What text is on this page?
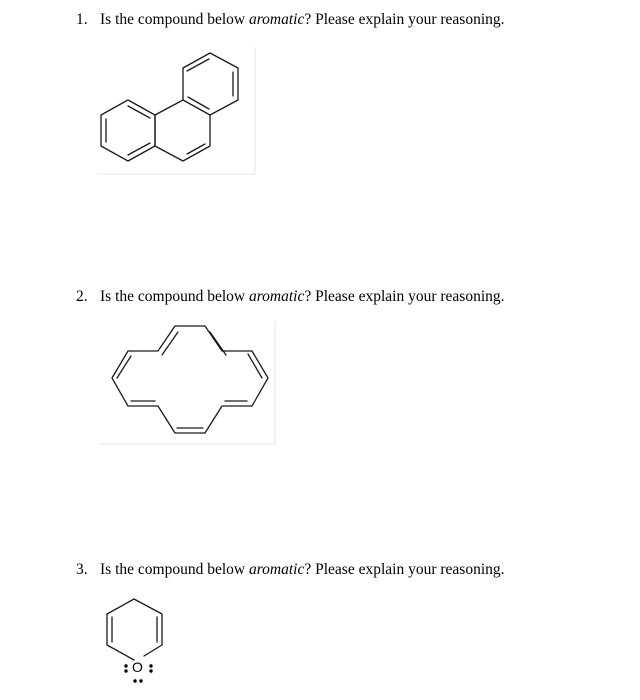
1. Is the compound below aromatic? Please explain your reasoning.
2. Is the compound below aromatic? Please explain your reasoning.
3. Is the compound below aromatic? Please explain your reasoning.
O
